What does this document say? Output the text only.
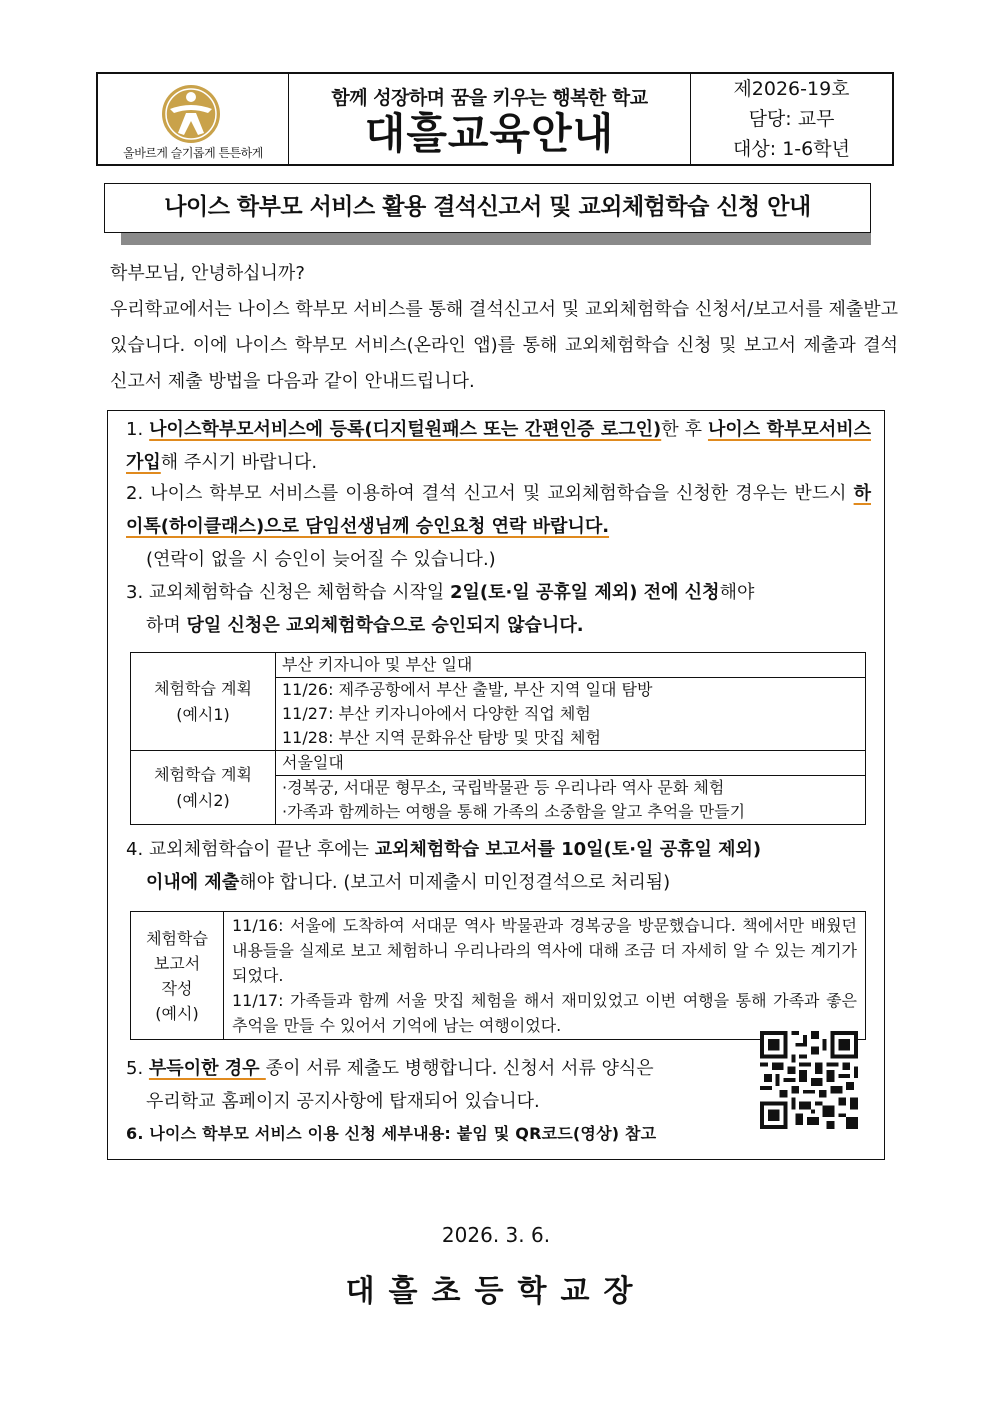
올바르게 슬기롭게 튼튼하게
함께 성장하며 꿈을 키우는 행복한 학교
대흘교육안내
제2026-19호
담당: 교무
대상: 1-6학년
나이스 학부모 서비스 활용 결석신고서 및 교외체험학습 신청 안내

학부모님, 안녕하십니까?

우리학교에서는 나이스 학부모 서비스를 통해 결석신고서 및 교외체험학습 신청서/보고서를 제출받고 있습니다. 이에 나이스 학부모 서비스(온라인 앱)를 통해 교외체험학습 신청 및 보고서 제출과 결석 신고서 제출 방법을 다음과 같이 안내드립니다.

1. 나이스학부모서비스에 등록(디지털원패스 또는 간편인증 로그인)한 후 나이스 학부모서비스 가입해 주시기 바랍니다.
2. 나이스 학부모 서비스를 이용하여 결석 신고서 및 교외체험학습을 신청한 경우는 반드시 하이톡(하이클래스)으로 담임선생님께 승인요청 연락 바랍니다.
(연락이 없을 시 승인이 늦어질 수 있습니다.)
3. 교외체험학습 신청은 체험학습 시작일 2일(토·일 공휴일 제외) 전에 신청해야
하며 당일 신청은 교외체험학습으로 승인되지 않습니다.
체험학습 계획
(예시1)	부산 키자니아 및 부산 일대
	11/26: 제주공항에서 부산 출발, 부산 지역 일대 탐방
	11/27: 부산 키자니아에서 다양한 직업 체험
	11/28: 부산 지역 문화유산 탐방 및 맛집 체험
체험학습 계획
(예시2)	서울일대
	·경복궁, 서대문 형무소, 국립박물관 등 우리나라 역사 문화 체험
	·가족과 함께하는 여행을 통해 가족의 소중함을 알고 추억을 만들기
4. 교외체험학습이 끝난 후에는 교외체험학습 보고서를 10일(토·일 공휴일 제외)
이내에 제출해야 합니다. (보고서 미제출시 미인정결석으로 처리됨)
체험학습
보고서
작성
(예시)	
11/16: 서울에 도착하여 서대문 역사 박물관과 경복궁을 방문했습니다. 책에서만 배웠던 내용들을 실제로 보고 체험하니 우리나라의 역사에 대해 조금 더 자세히 알 수 있는 계기가 되었다.
11/17: 가족들과 함께 서울 맛집 체험을 해서 재미있었고 이번 여행을 통해 가족과 좋은 추억을 만들 수 있어서 기억에 남는 여행이었다.
5. 부득이한 경우 종이 서류 제출도 병행합니다. 신청서 서류 양식은
우리학교 홈페이지 공지사항에 탑재되어 있습니다.
6. 나이스 학부모 서비스 이용 신청 세부내용: 붙임 및 QR코드(영상) 참고
2026. 3. 6.
대흘초등학교장
